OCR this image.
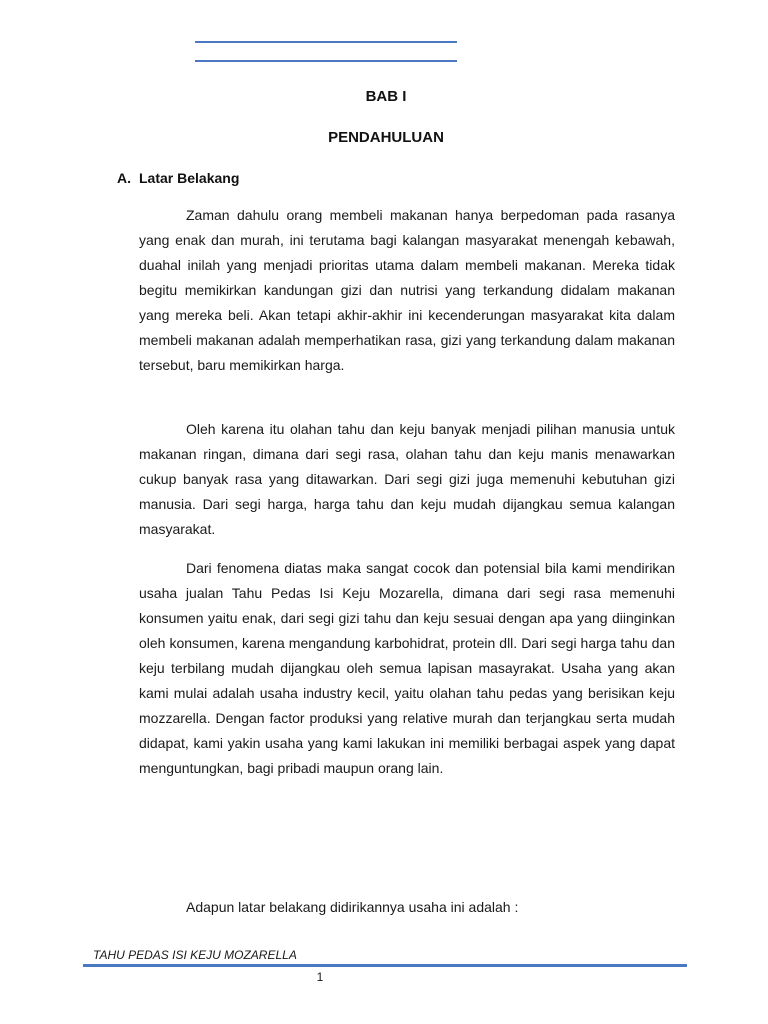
BAB I
PENDAHULUAN
A. Latar Belakang

Zaman dahulu orang membeli makanan hanya berpedoman pada rasanya yang enak dan murah, ini terutama bagi kalangan masyarakat menengah kebawah, duahal inilah yang menjadi prioritas utama dalam membeli makanan. Mereka tidak begitu memikirkan kandungan gizi dan nutrisi yang terkandung didalam makanan yang mereka beli. Akan tetapi akhir-akhir ini kecenderungan masyarakat kita dalam membeli makanan adalah memperhatikan rasa, gizi yang terkandung dalam makanan tersebut, baru memikirkan harga.

Oleh karena itu olahan tahu dan keju banyak menjadi pilihan manusia untuk makanan ringan, dimana dari segi rasa, olahan tahu dan keju manis menawarkan cukup banyak rasa yang ditawarkan. Dari segi gizi juga memenuhi kebutuhan gizi manusia. Dari segi harga, harga tahu dan keju mudah dijangkau semua kalangan masyarakat.

Dari fenomena diatas maka sangat cocok dan potensial bila kami mendirikan usaha jualan Tahu Pedas Isi Keju Mozarella, dimana dari segi rasa memenuhi konsumen yaitu enak, dari segi gizi tahu dan keju sesuai dengan apa yang diinginkan oleh konsumen, karena mengandung karbohidrat, protein dll. Dari segi harga tahu dan keju terbilang mudah dijangkau oleh semua lapisan masayrakat. Usaha yang akan kami mulai adalah usaha industry kecil, yaitu olahan tahu pedas yang berisikan keju mozzarella. Dengan factor produksi yang relative murah dan terjangkau serta mudah didapat, kami yakin usaha yang kami lakukan ini memiliki berbagai aspek yang dapat menguntungkan, bagi pribadi maupun orang lain.

Adapun latar belakang didirikannya usaha ini adalah :

TAHU PEDAS ISI KEJU MOZARELLA
1
